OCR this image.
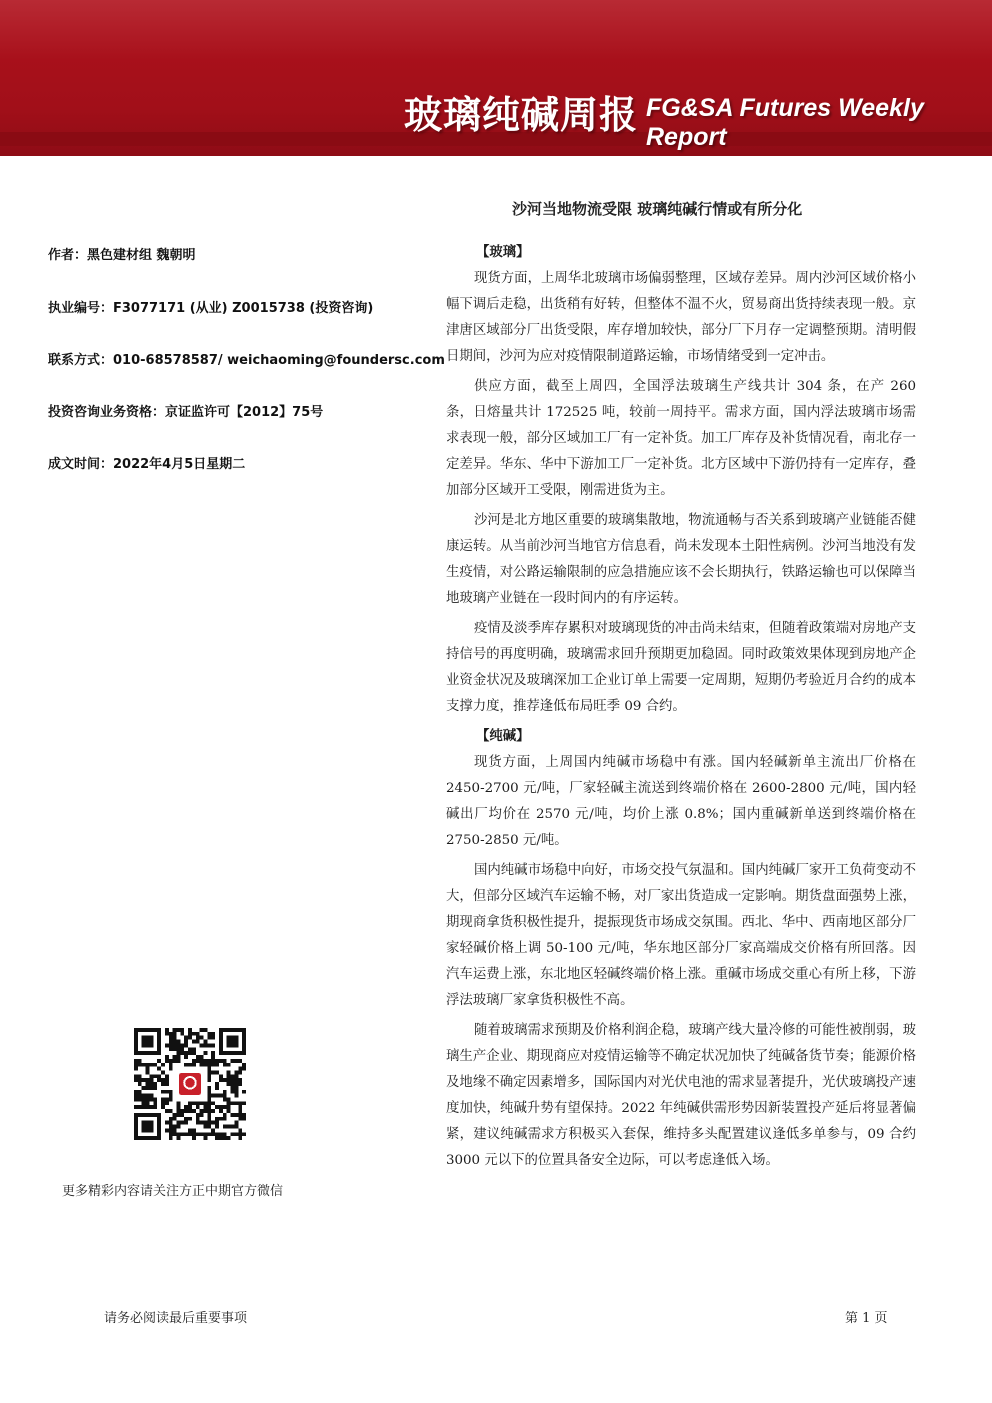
玻璃纯碱周报 FG&SA Futures Weekly Report
沙河当地物流受限 玻璃纯碱行情或有所分化
作者：黑色建材组 魏朝明
执业编号：F3077171 (从业) Z0015738 (投资咨询)
联系方式：010-68578587/ weichaoming@foundersc.com
投资咨询业务资格：京证监许可【2012】75号
成文时间：2022年4月5日星期二
更多精彩内容请关注方正中期官方微信
【玻璃】

现货方面，上周华北玻璃市场偏弱整理，区域存差异。周内沙河区域价格小幅下调后走稳，出货稍有好转，但整体不温不火，贸易商出货持续表现一般。京津唐区域部分厂出货受限，库存增加较快，部分厂下月存一定调整预期。清明假日期间，沙河为应对疫情限制道路运输，市场情绪受到一定冲击。

供应方面，截至上周四，全国浮法玻璃生产线共计 304 条，在产 260 条，日熔量共计 172525 吨，较前一周持平。需求方面，国内浮法玻璃市场需求表现一般，部分区域加工厂有一定补货。加工厂库存及补货情况看，南北存一定差异。华东、华中下游加工厂一定补货。北方区域中下游仍持有一定库存，叠加部分区域开工受限，刚需进货为主。

沙河是北方地区重要的玻璃集散地，物流通畅与否关系到玻璃产业链能否健康运转。从当前沙河当地官方信息看，尚未发现本土阳性病例。沙河当地没有发生疫情，对公路运输限制的应急措施应该不会长期执行，铁路运输也可以保障当地玻璃产业链在一段时间内的有序运转。

疫情及淡季库存累积对玻璃现货的冲击尚未结束，但随着政策端对房地产支持信号的再度明确，玻璃需求回升预期更加稳固。同时政策效果体现到房地产企业资金状况及玻璃深加工企业订单上需要一定周期，短期仍考验近月合约的成本支撑力度，推荐逢低布局旺季 09 合约。

【纯碱】

现货方面，上周国内纯碱市场稳中有涨。国内轻碱新单主流出厂价格在 2450-2700 元/吨，厂家轻碱主流送到终端价格在 2600-2800 元/吨，国内轻碱出厂均价在 2570 元/吨，均价上涨 0.8%；国内重碱新单送到终端价格在 2750-2850 元/吨。

国内纯碱市场稳中向好，市场交投气氛温和。国内纯碱厂家开工负荷变动不大，但部分区域汽车运输不畅，对厂家出货造成一定影响。期货盘面强势上涨，期现商拿货积极性提升，提振现货市场成交氛围。西北、华中、西南地区部分厂家轻碱价格上调 50-100 元/吨，华东地区部分厂家高端成交价格有所回落。因汽车运费上涨，东北地区轻碱终端价格上涨。重碱市场成交重心有所上移，下游浮法玻璃厂家拿货积极性不高。

随着玻璃需求预期及价格利润企稳，玻璃产线大量冷修的可能性被削弱，玻璃生产企业、期现商应对疫情运输等不确定状况加快了纯碱备货节奏；能源价格及地缘不确定因素增多，国际国内对光伏电池的需求显著提升，光伏玻璃投产速度加快，纯碱升势有望保持。2022 年纯碱供需形势因新装置投产延后将显著偏紧，建议纯碱需求方积极买入套保，维持多头配置建议逢低多单参与，09 合约 3000 元以下的位置具备安全边际，可以考虑逢低入场。

请务必阅读最后重要事项	第 1 页
